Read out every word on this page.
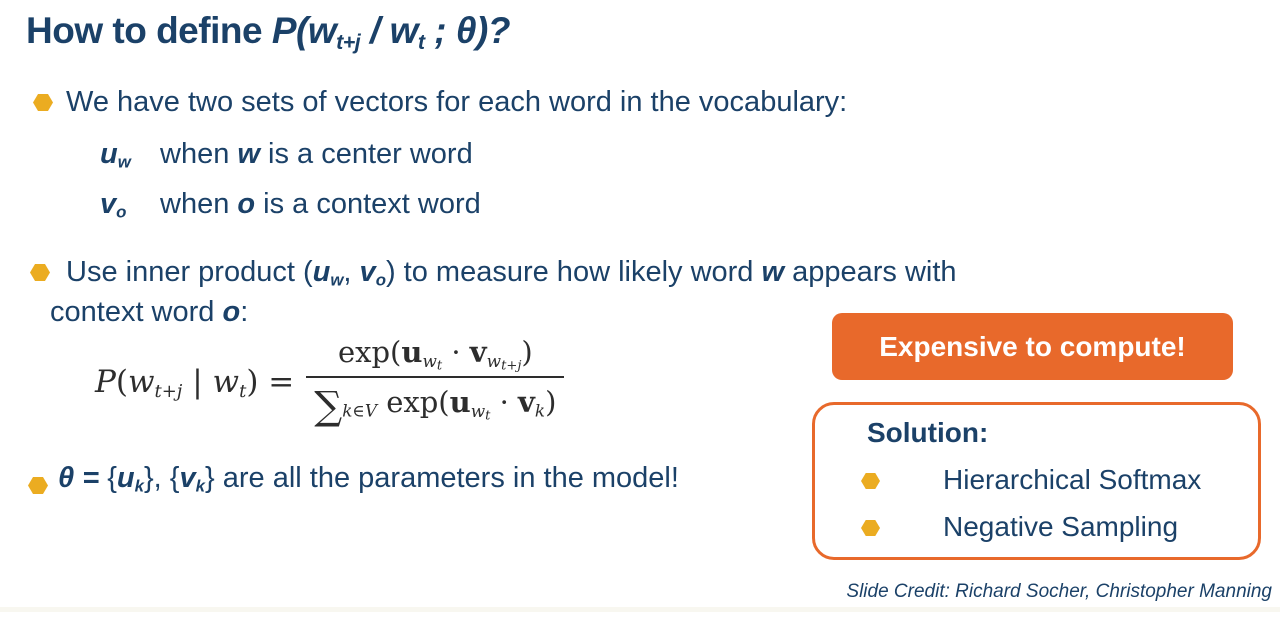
How to define $P(w_{t+j} / w_t$ ; θ)?
We have two sets of vectors for each word in the vocabulary:
$u_w$ when w is a center word
$v_o$ when o is a context word
Use inner product ($u_w$, $v_o$) to measure how likely word w appears with
context word o:
$P(w_{t+j}$ | $w_t) = \frac{\exp(u_{w_t} \cdot v_{w_{t+j}})}{\sum_{k\in V} \exp(u_{w_t} \cdot v_k)}$
$\theta = \{u_k\}$, $\{v_k\}$ are all the parameters in the model!
Expensive to compute!
Solution:
Hierarchical Softmax
Negative Sampling
Slide Credit: Richard Socher, Christopher Manning
